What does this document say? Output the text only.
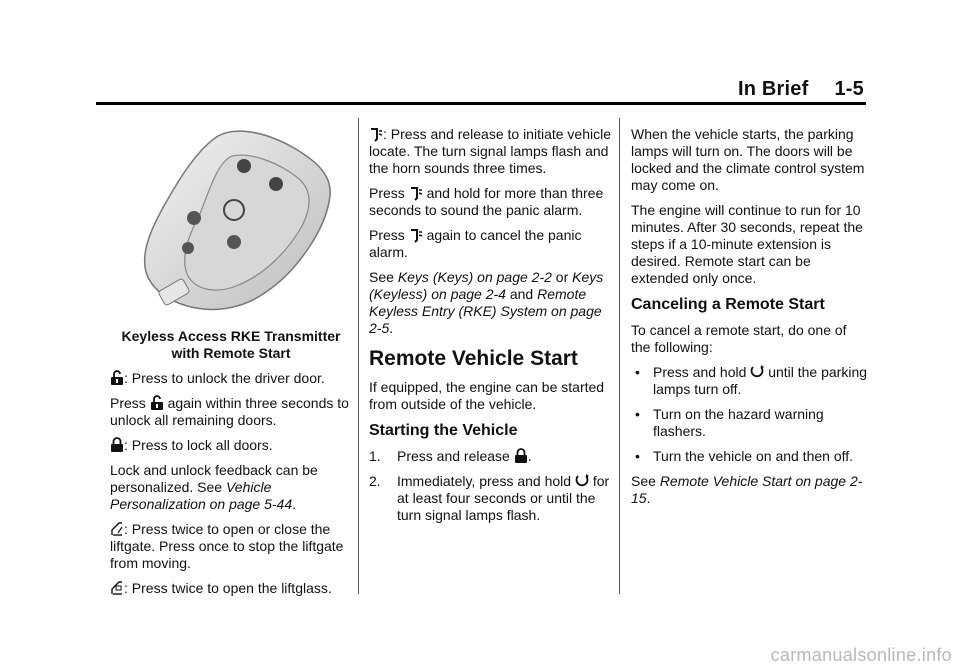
In Brief 1-5
Keyless Access RKE Transmitter
with Remote Start

: Press to unlock the driver door.

Press again within three seconds to unlock all remaining doors.

: Press to lock all doors.

Lock and unlock feedback can be personalized. See Vehicle Personalization on page 5-44.

: Press twice to open or close the liftgate. Press once to stop the liftgate from moving.

: Press twice to open the liftglass.

: Press and release to initiate vehicle locate. The turn signal lamps flash and the horn sounds three times.

Press and hold for more than three seconds to sound the panic alarm.

Press again to cancel the panic alarm.

See Keys (Keys) on page 2-2 or Keys (Keyless) on page 2-4 and Remote Keyless Entry (RKE) System on page 2-5.

Remote Vehicle Start

If equipped, the engine can be started from outside of the vehicle.

Starting the Vehicle

1. Press and release .

2. Immediately, press and hold for at least four seconds or until the turn signal lamps flash.

When the vehicle starts, the parking lamps will turn on. The doors will be locked and the climate control system may come on.

The engine will continue to run for 10 minutes. After 30 seconds, repeat the steps if a 10-minute extension is desired. Remote start can be extended only once.

Canceling a Remote Start

To cancel a remote start, do one of the following:

• Press and hold until the parking lamps turn off.

• Turn on the hazard warning flashers.

• Turn the vehicle on and then off.

See Remote Vehicle Start on page 2-15.

carmanualsonline.info
